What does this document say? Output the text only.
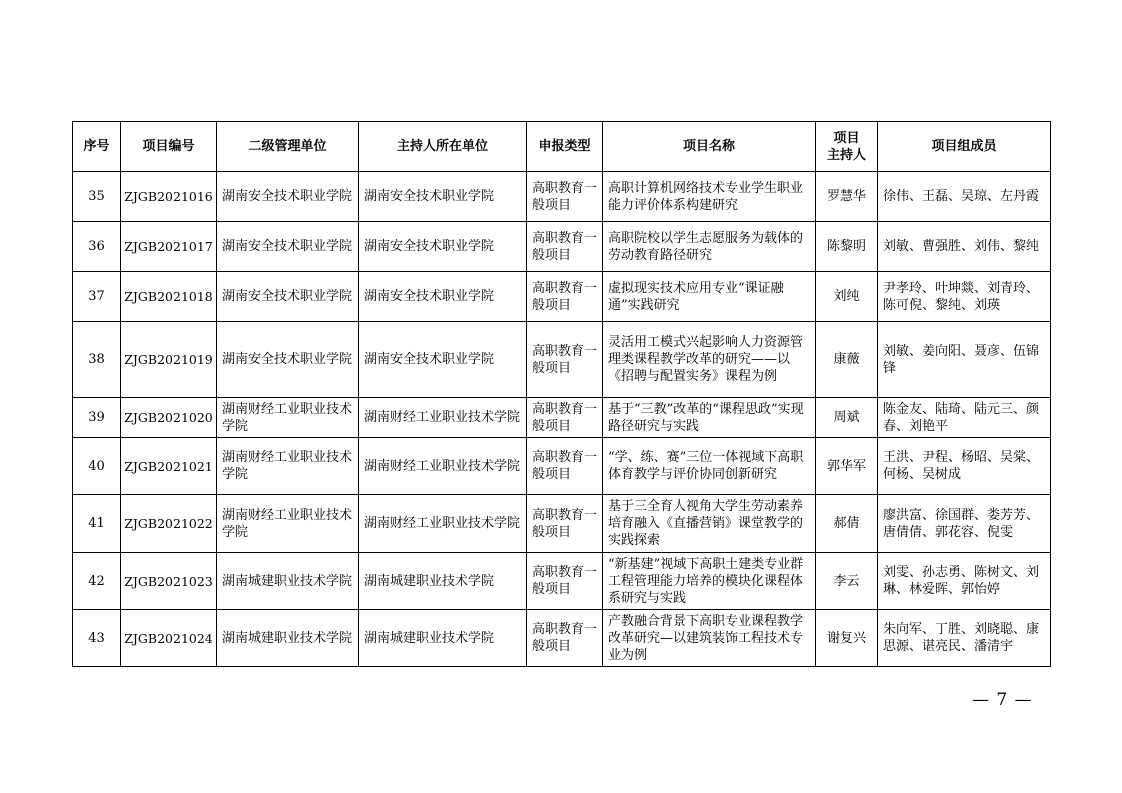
序号	项目编号	二级管理单位	主持人所在单位	申报类型	项目名称	项目
主持人	项目组成员
35	ZJGB2021016	湖南安全技术职业学院	湖南安全技术职业学院	高职教育一般项目	高职计算机网络技术专业学生职业能力评价体系构建研究	罗慧华	徐伟、王磊、吴琼、左丹霞
36	ZJGB2021017	湖南安全技术职业学院	湖南安全技术职业学院	高职教育一般项目	高职院校以学生志愿服务为载体的劳动教育路径研究	陈黎明	刘敏、曹强胜、刘伟、黎纯
37	ZJGB2021018	湖南安全技术职业学院	湖南安全技术职业学院	高职教育一般项目	虚拟现实技术应用专业“课证融通”实践研究	刘纯	尹孝玲、叶坤燚、刘青玲、陈可倪、黎纯、刘瑛
38	ZJGB2021019	湖南安全技术职业学院	湖南安全技术职业学院	高职教育一般项目	灵活用工模式兴起影响人力资源管理类课程教学改革的研究——以《招聘与配置实务》课程为例	康薇	刘敏、姜向阳、聂彦、伍锦锋
39	ZJGB2021020	湖南财经工业职业技术学院	湖南财经工业职业技术学院	高职教育一般项目	基于“三教”改革的“课程思政”实现路径研究与实践	周斌	陈金友、陆琦、陆元三、颜春、刘艳平
40	ZJGB2021021	湖南财经工业职业技术学院	湖南财经工业职业技术学院	高职教育一般项目	“学、练、赛”三位一体视域下高职体育教学与评价协同创新研究	郭华军	王洪、尹程、杨昭、吴棠、何杨、吴树成
41	ZJGB2021022	湖南财经工业职业技术学院	湖南财经工业职业技术学院	高职教育一般项目	基于三全育人视角大学生劳动素养培育融入《直播营销》课堂教学的实践探索	郝倩	廖洪富、徐国群、娄芳芳、唐倩倩、郭花容、倪雯
42	ZJGB2021023	湖南城建职业技术学院	湖南城建职业技术学院	高职教育一般项目	“新基建”视域下高职土建类专业群工程管理能力培养的模块化课程体系研究与实践	李云	刘雯、孙志勇、陈树文、刘琳、林爱晖、郭怡婷
43	ZJGB2021024	湖南城建职业技术学院	湖南城建职业技术学院	高职教育一般项目	产教融合背景下高职专业课程教学改革研究—以建筑装饰工程技术专业为例	谢复兴	朱向军、丁胜、刘晓聪、康思源、谌亮民、潘清宇
— 7 —
